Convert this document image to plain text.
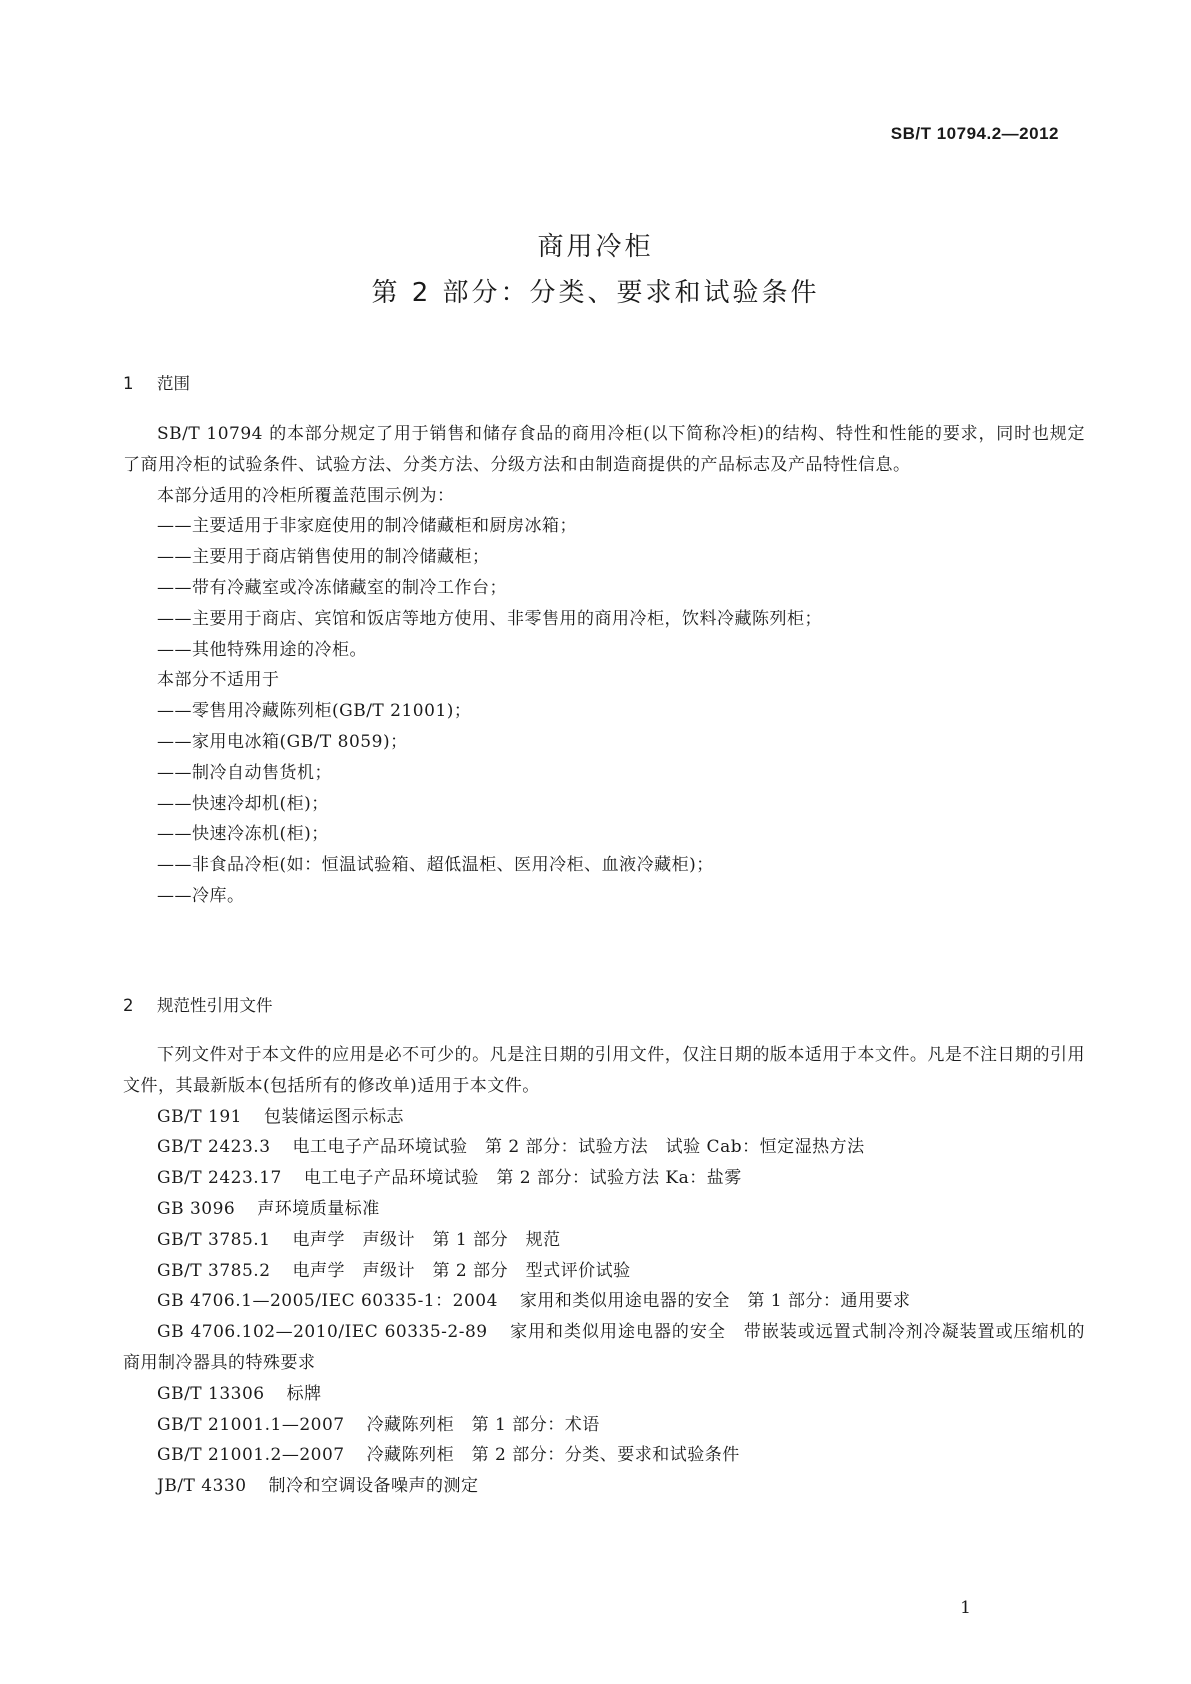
SB/T 10794.2—2012
商用冷柜
第 2 部分：分类、要求和试验条件
1 范围

SB/T 10794 的本部分规定了用于销售和储存食品的商用冷柜(以下简称冷柜)的结构、特性和性能的要求，同时也规定了商用冷柜的试验条件、试验方法、分类方法、分级方法和由制造商提供的产品标志及产品特性信息。

本部分适用的冷柜所覆盖范围示例为：

——主要适用于非家庭使用的制冷储藏柜和厨房冰箱；

——主要用于商店销售使用的制冷储藏柜；

——带有冷藏室或冷冻储藏室的制冷工作台；

——主要用于商店、宾馆和饭店等地方使用、非零售用的商用冷柜，饮料冷藏陈列柜；

——其他特殊用途的冷柜。

本部分不适用于

——零售用冷藏陈列柜(GB/T 21001)；

——家用电冰箱(GB/T 8059)；

——制冷自动售货机；

——快速冷却机(柜)；

——快速冷冻机(柜)；

——非食品冷柜(如：恒温试验箱、超低温柜、医用冷柜、血液冷藏柜)；

——冷库。

2 规范性引用文件

下列文件对于本文件的应用是必不可少的。凡是注日期的引用文件，仅注日期的版本适用于本文件。凡是不注日期的引用文件，其最新版本(包括所有的修改单)适用于本文件。

GB/T 191 包装储运图示标志

GB/T 2423.3 电工电子产品环境试验　第 2 部分：试验方法　试验 Cab：恒定湿热方法

GB/T 2423.17 电工电子产品环境试验　第 2 部分：试验方法 Ka：盐雾

GB 3096 声环境质量标准

GB/T 3785.1 电声学　声级计　第 1 部分　规范

GB/T 3785.2 电声学　声级计　第 2 部分　型式评价试验

GB 4706.1—2005/IEC 60335-1：2004 家用和类似用途电器的安全　第 1 部分：通用要求

GB 4706.102—2010/IEC 60335-2-89 家用和类似用途电器的安全　带嵌装或远置式制冷剂冷凝装置或压缩机的商用制冷器具的特殊要求

GB/T 13306 标牌

GB/T 21001.1—2007 冷藏陈列柜　第 1 部分：术语

GB/T 21001.2—2007 冷藏陈列柜　第 2 部分：分类、要求和试验条件

JB/T 4330 制冷和空调设备噪声的测定

1
